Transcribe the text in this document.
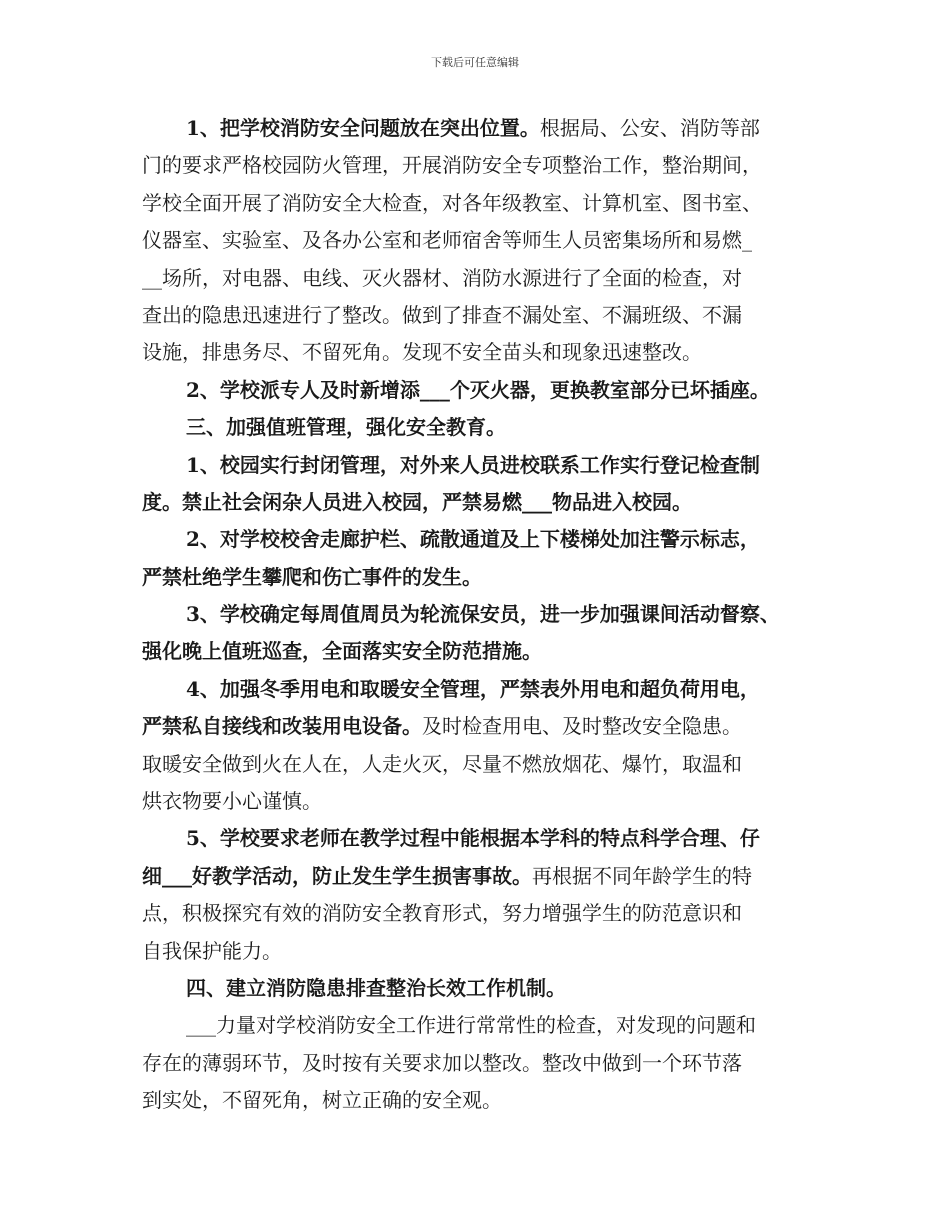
下载后可任意编辑
1、把学校消防安全问题放在突出位置。根据局、公安、消防等部
门的要求严格校园防火管理，开展消防安全专项整治工作，整治期间，
学校全面开展了消防安全大检查，对各年级教室、计算机室、图书室、
仪器室、实验室、及各办公室和老师宿舍等师生人员密集场所和易燃_
__场所，对电器、电线、灭火器材、消防水源进行了全面的检查，对
查出的隐患迅速进行了整改。做到了排查不漏处室、不漏班级、不漏
设施，排患务尽、不留死角。发现不安全苗头和现象迅速整改。
2、学校派专人及时新增添___个灭火器，更换教室部分已坏插座。
三、加强值班管理，强化安全教育。
1、校园实行封闭管理，对外来人员进校联系工作实行登记检查制
度。禁止社会闲杂人员进入校园，严禁易燃___物品进入校园。
2、对学校校舍走廊护栏、疏散通道及上下楼梯处加注警示标志，
严禁杜绝学生攀爬和伤亡事件的发生。
3、学校确定每周值周员为轮流保安员，进一步加强课间活动督察、
强化晚上值班巡查，全面落实安全防范措施。
4、加强冬季用电和取暖安全管理，严禁表外用电和超负荷用电，
严禁私自接线和改装用电设备。及时检查用电、及时整改安全隐患。
取暖安全做到火在人在，人走火灭，尽量不燃放烟花、爆竹，取温和
烘衣物要小心谨慎。
5、学校要求老师在教学过程中能根据本学科的特点科学合理、仔
细___好教学活动，防止发生学生损害事故。再根据不同年龄学生的特
点，积极探究有效的消防安全教育形式，努力增强学生的防范意识和
自我保护能力。
四、建立消防隐患排查整治长效工作机制。
___力量对学校消防安全工作进行常常性的检查，对发现的问题和
存在的薄弱环节，及时按有关要求加以整改。整改中做到一个环节落
到实处，不留死角，树立正确的安全观。
